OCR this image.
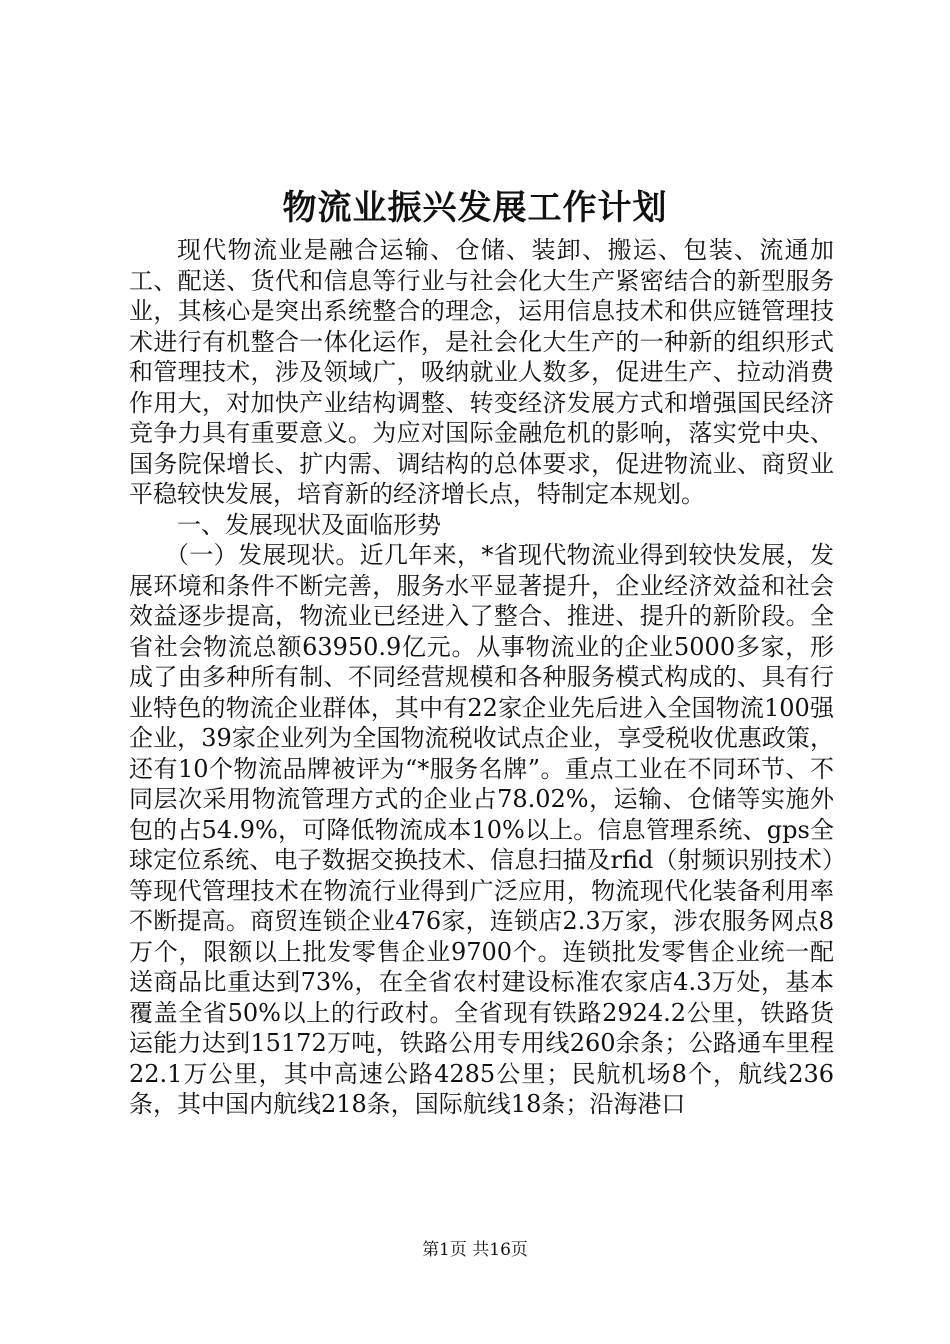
物流业振兴发展工作计划

现代物流业是融合运输、仓储、装卸、搬运、包装、流通加工、配送、货代和信息等行业与社会化大生产紧密结合的新型服务业，其核心是突出系统整合的理念，运用信息技术和供应链管理技术进行有机整合一体化运作，是社会化大生产的一种新的组织形式和管理技术，涉及领域广，吸纳就业人数多，促进生产、拉动消费作用大，对加快产业结构调整、转变经济发展方式和增强国民经济竞争力具有重要意义。为应对国际金融危机的影响，落实党中央、国务院保增长、扩内需、调结构的总体要求，促进物流业、商贸业平稳较快发展，培育新的经济增长点，特制定本规划。

一、发展现状及面临形势

（一）发展现状。近几年来，*省现代物流业得到较快发展，发展环境和条件不断完善，服务水平显著提升，企业经济效益和社会效益逐步提高，物流业已经进入了整合、推进、提升的新阶段。全省社会物流总额63950.9亿元。从事物流业的企业5000多家，形成了由多种所有制、不同经营规模和各种服务模式构成的、具有行业特色的物流企业群体，其中有22家企业先后进入全国物流100强企业，39家企业列为全国物流税收试点企业，享受税收优惠政策，还有10个物流品牌被评为“*服务名牌”。重点工业在不同环节、不同层次采用物流管理方式的企业占78.02%，运输、仓储等实施外包的占54.9%，可降低物流成本10%以上。信息管理系统、gps全球定位系统、电子数据交换技术、信息扫描及rfid（射频识别技术）等现代管理技术在物流行业得到广泛应用，物流现代化装备利用率不断提高。商贸连锁企业476家，连锁店2.3万家，涉农服务网点8万个，限额以上批发零售企业9700个。连锁批发零售企业统一配送商品比重达到73%，在全省农村建设标准农家店4.3万处，基本覆盖全省50%以上的行政村。全省现有铁路2924.2公里，铁路货运能力达到15172万吨，铁路公用专用线260余条；公路通车里程22.1万公里，其中高速公路4285公里；民航机场8个，航线236条，其中国内航线218条，国际航线18条；沿海港口

第1页 共16页
